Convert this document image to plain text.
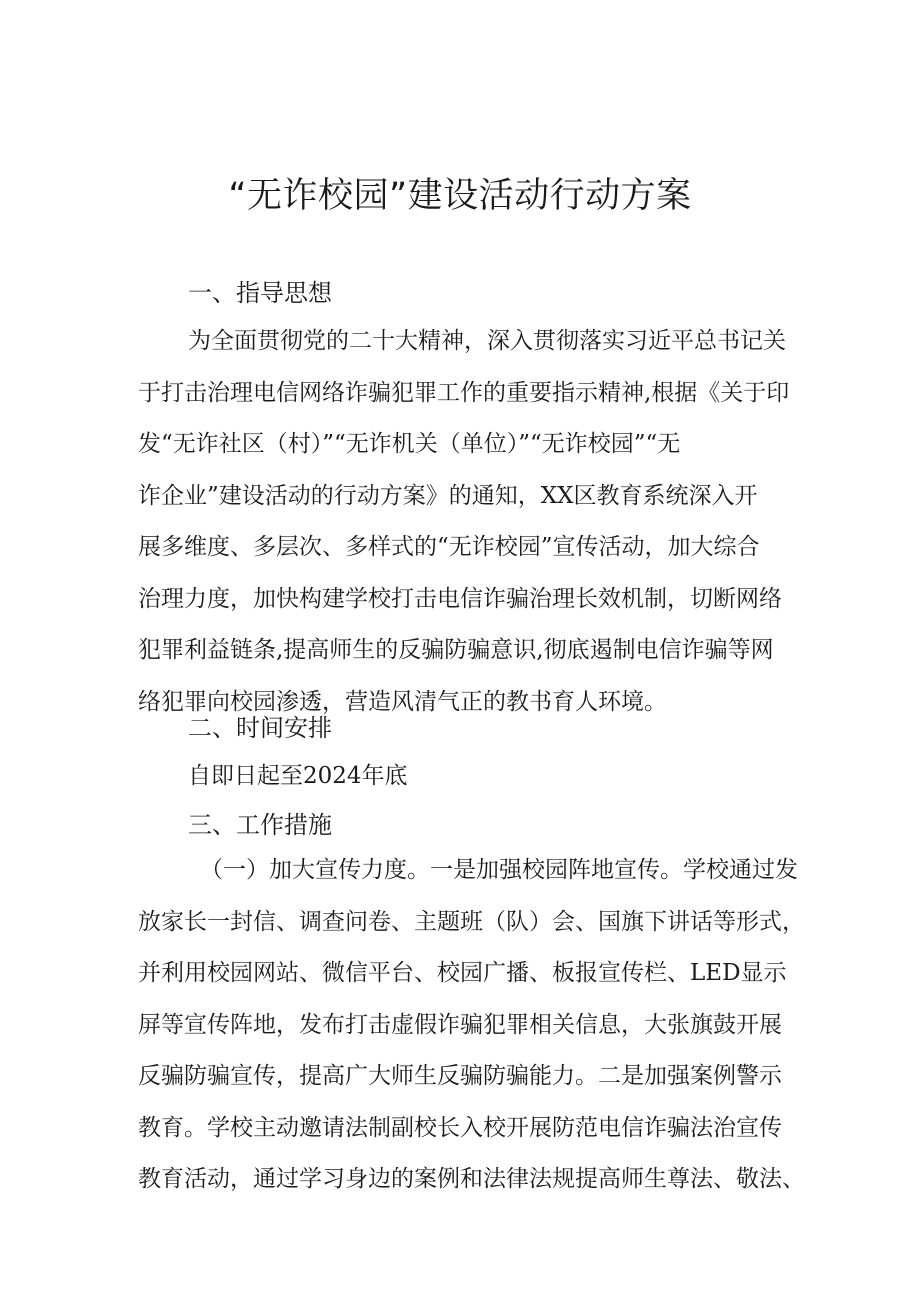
“无诈校园”建设活动行动方案
一、指导思想
为全面贯彻党的二十大精神，深入贯彻落实习近平总书记关
于打击治理电信网络诈骗犯罪工作的重要指示精神,根据《关于印
发“无诈社区（村）”“无诈机关（单位）”“无诈校园”“无
诈企业”建设活动的行动方案》的通知，XX区教育系统深入开
展多维度、多层次、多样式的“无诈校园”宣传活动，加大综合
治理力度，加快构建学校打击电信诈骗治理长效机制，切断网络
犯罪利益链条,提高师生的反骗防骗意识,彻底遏制电信诈骗等网
络犯罪向校园渗透，营造风清气正的教书育人环境。
二、时间安排

自即日起至2024年底

三、工作措施
（一）加大宣传力度。一是加强校园阵地宣传。学校通过发
放家长一封信、调查问卷、主题班（队）会、国旗下讲话等形式，
并利用校园网站、微信平台、校园广播、板报宣传栏、LED显示
屏等宣传阵地，发布打击虚假诈骗犯罪相关信息，大张旗鼓开展
反骗防骗宣传，提高广大师生反骗防骗能力。二是加强案例警示
教育。学校主动邀请法制副校长入校开展防范电信诈骗法治宣传
教育活动，通过学习身边的案例和法律法规提高师生尊法、敬法、
